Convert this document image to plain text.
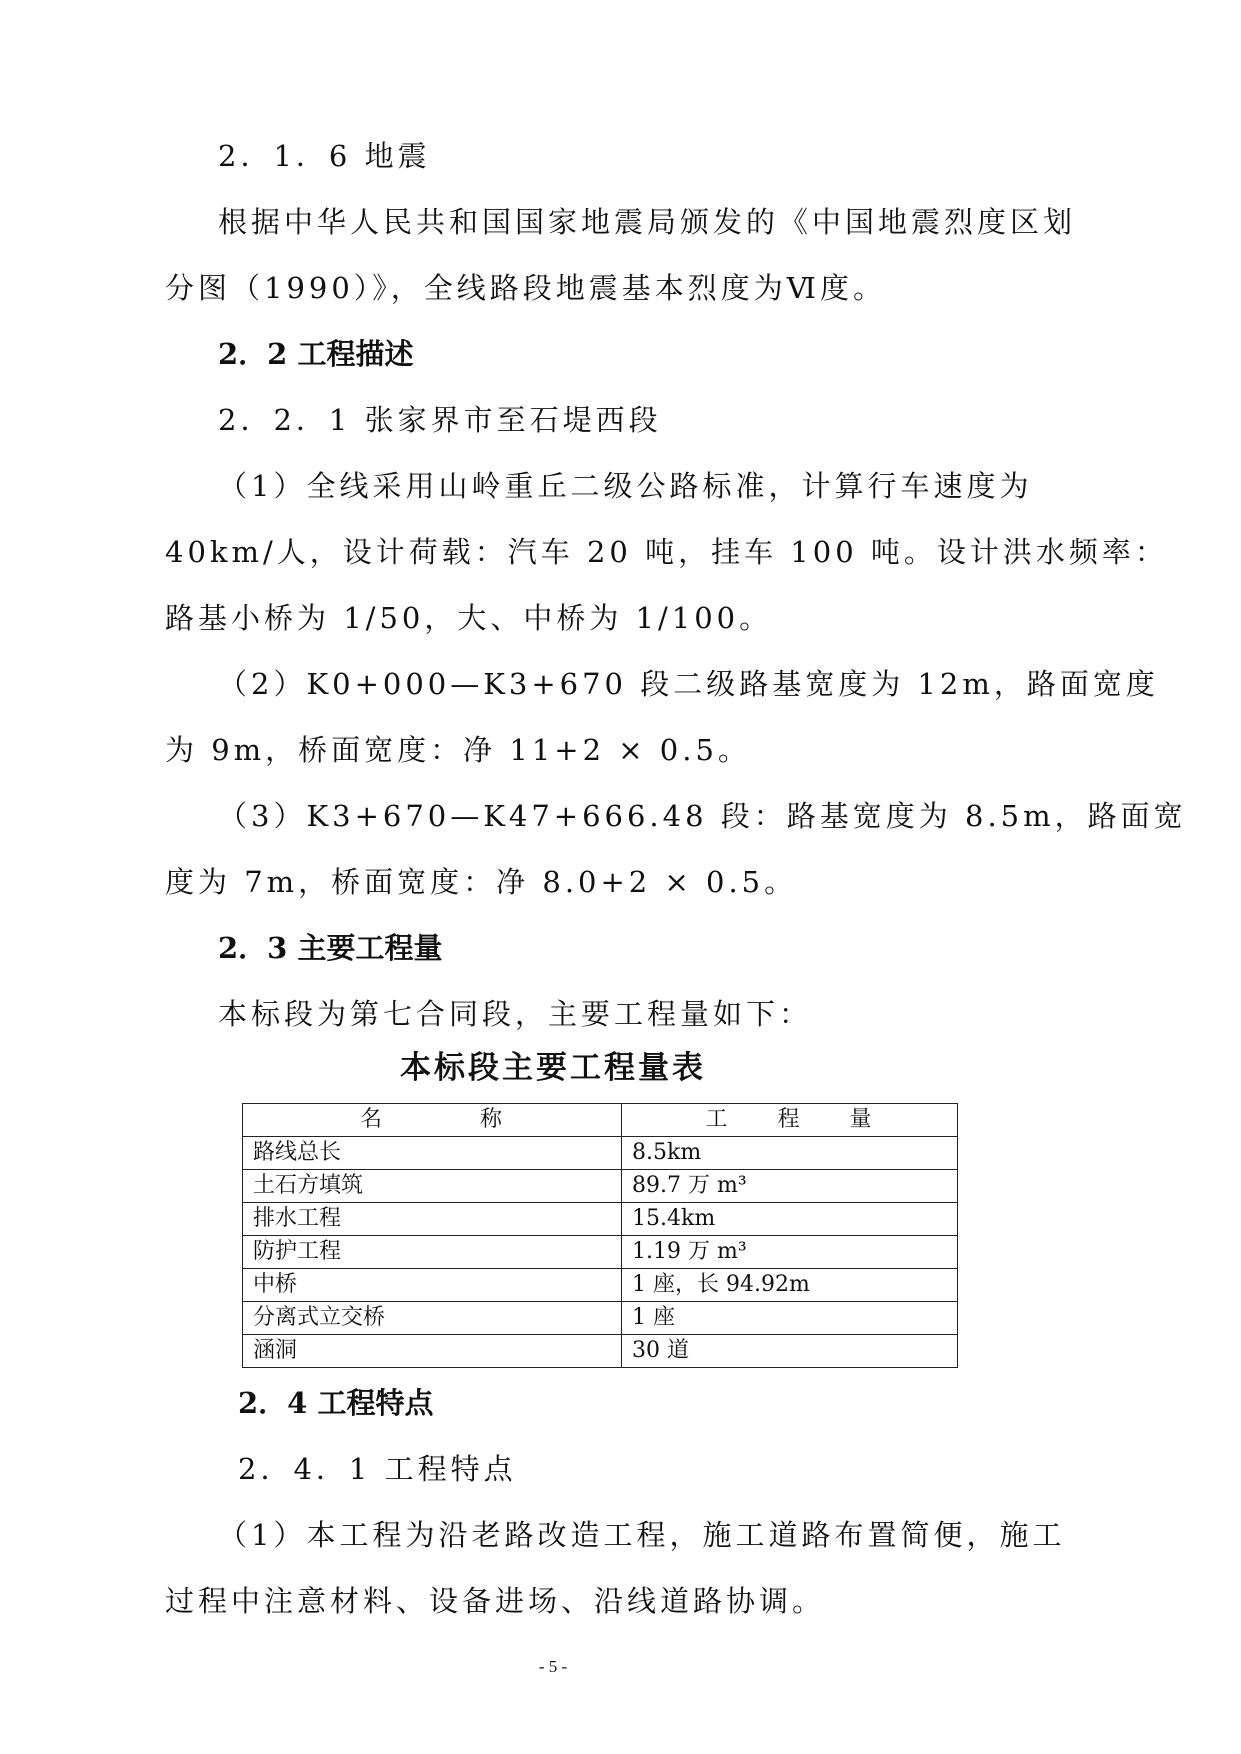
2．1．6 地震
根据中华人民共和国国家地震局颁发的《中国地震烈度区划
分图（1990）》，全线路段地震基本烈度为Ⅵ度。
2．2 工程描述
2．2．1 张家界市至石堤西段
（1）全线采用山岭重丘二级公路标准，计算行车速度为
40km/人，设计荷载：汽车 20 吨，挂车 100 吨。设计洪水频率：
路基小桥为 1/50，大、中桥为 1/100。
（2）K0+000—K3+670 段二级路基宽度为 12m，路面宽度
为 9m，桥面宽度：净 11+2 × 0.5。
（3）K3+670—K47+666.48 段：路基宽度为 8.5m，路面宽
度为 7m，桥面宽度：净 8.0+2 × 0.5。
2．3 主要工程量
本标段为第七合同段，主要工程量如下：
本标段主要工程量表
名　　　　称	工　　程　　量
路线总长	8.5km
土石方填筑	89.7 万 m³
排水工程	15.4km
防护工程	1.19 万 m³
中桥	1 座，长 94.92m
分离式立交桥	1 座
涵洞	30 道
2．4 工程特点
2．4．1 工程特点
（1）本工程为沿老路改造工程，施工道路布置简便，施工
过程中注意材料、设备进场、沿线道路协调。
- 5 -
